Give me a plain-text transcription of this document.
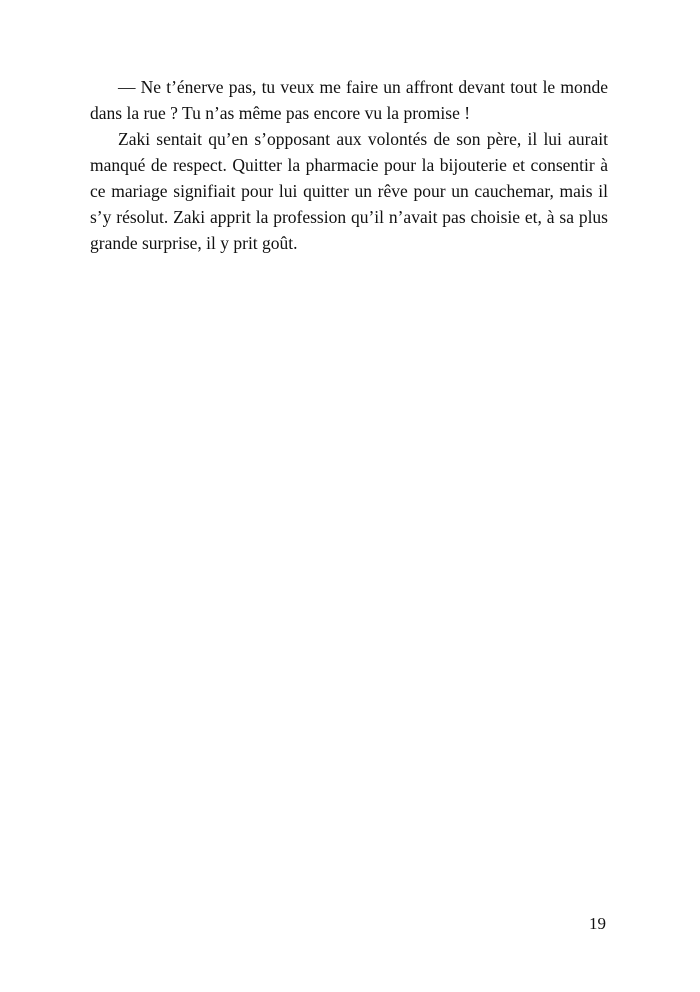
— Ne t’énerve pas, tu veux me faire un affront devant tout le monde dans la rue ? Tu n’as même pas encore vu la promise !

Zaki sentait qu’en s’opposant aux volontés de son père, il lui aurait manqué de respect. Quitter la pharmacie pour la bijouterie et consentir à ce mariage signifiait pour lui quitter un rêve pour un cauchemar, mais il s’y résolut. Zaki apprit la profession qu’il n’avait pas choisie et, à sa plus grande surprise, il y prit goût.

19
